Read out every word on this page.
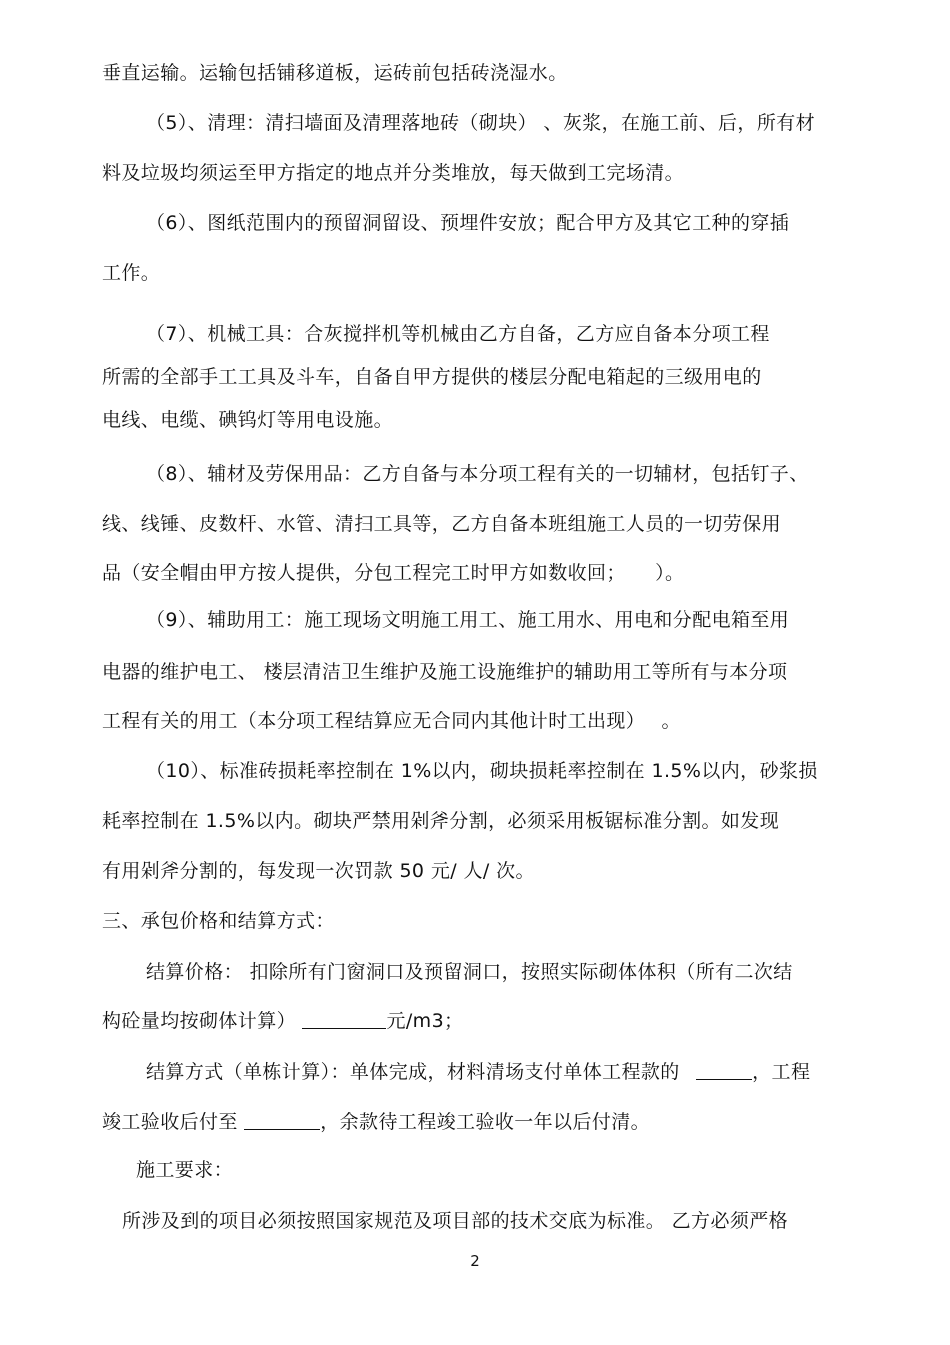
垂直运输。运输包括铺移道板，运砖前包括砖浇湿水。
（5）、清理：清扫墙面及清理落地砖（砌块） 、灰浆，在施工前、后，所有材
料及垃圾均须运至甲方指定的地点并分类堆放，每天做到工完场清。
（6）、图纸范围内的预留洞留设、预埋件安放；配合甲方及其它工种的穿插
工作。
（7）、机械工具：合灰搅拌机等机械由乙方自备，乙方应自备本分项工程
所需的全部手工工具及斗车，自备自甲方提供的楼层分配电箱起的三级用电的
电线、电缆、碘钨灯等用电设施。
（8）、辅材及劳保用品：乙方自备与本分项工程有关的一切辅材，包括钉子、
线、线锤、皮数杆、水管、清扫工具等，乙方自备本班组施工人员的一切劳保用
品（安全帽由甲方按人提供，分包工程完工时甲方如数收回；　　）。
（9）、辅助用工：施工现场文明施工用工、施工用水、用电和分配电箱至用
电器的维护电工、 楼层清洁卫生维护及施工设施维护的辅助用工等所有与本分项
工程有关的用工（本分项工程结算应无合同内其他计时工出现）　 。
（10）、标准砖损耗率控制在 1%以内，砌块损耗率控制在 1.5%以内，砂浆损
耗率控制在 1.5%以内。砌块严禁用剁斧分割，必须采用板锯标准分割。如发现
有用剁斧分割的，每发现一次罚款 50 元/ 人/ 次。
三、承包价格和结算方式：
结算价格： 扣除所有门窗洞口及预留洞口，按照实际砌体体积（所有二次结
构砼量均按砌体计算）	元/m3；
结算方式（单栋计算）：单体完成，材料清场支付单体工程款的	，工程
竣工验收后付至	，余款待工程竣工验收一年以后付清。
施工要求：
所涉及到的项目必须按照国家规范及项目部的技术交底为标准。 乙方必须严格
2
